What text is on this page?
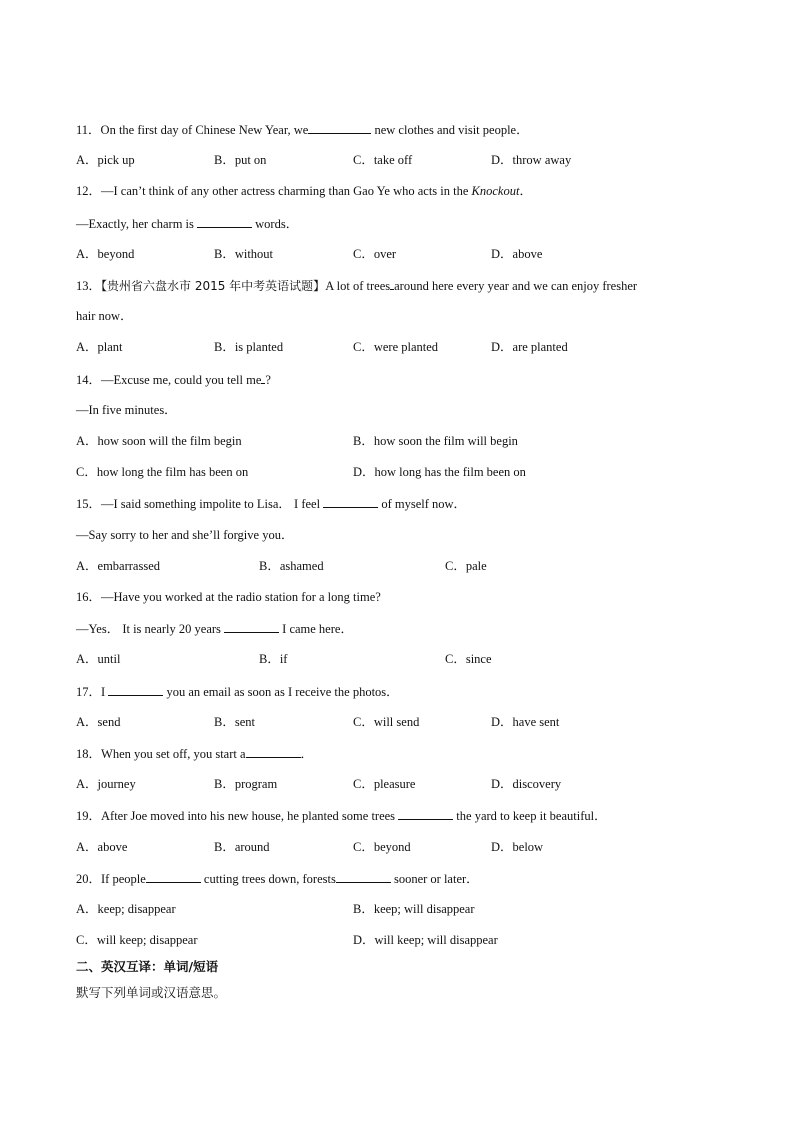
11．On the first day of Chinese New Year, we	new clothes and visit people．
A．pick up	B．put on	C．take off	D．throw away
12．—I can’t think of any other actress charming than Gao Ye who acts in the Knockout．
—Exactly, her charm is	words．
A．beyond	B．without	C．over	D．above
13．【贵州省六盘水市 2015 年中考英语试题】A lot of trees around here every year and we can enjoy fresher
hair now．
A．plant	B．is planted	C．were planted	D．are planted
14．—Excuse me, could you tell me ?
—In five minutes．
A．how soon will the film begin	B．how soon the film will begin
C．how long the film has been on	D．how long has the film been on
15．—I said something impolite to Lisa． I feel	of myself now．
—Say sorry to her and she’ll forgive you．
A．embarrassed	B．ashamed	C．pale
16．—Have you worked at the radio station for a long time?
—Yes． It is nearly 20 years	I came here．
A．until	B．if	C．since
17．I	you an email as soon as I receive the photos．
A．send	B．sent	C．will send	D．have sent
18．When you set off, you start a	．
A．journey	B．program	C．pleasure	D．discovery
19．After Joe moved into his new house, he planted some trees	the yard to keep it beautiful．
A．above	B．around	C．beyond	D．below
20．If people	cutting trees down, forests	sooner or later．
A．keep; disappear	B．keep; will disappear
C．will keep; disappear	D．will keep; will disappear
二、英汉互译：单词/短语
默写下列单词或汉语意思。
